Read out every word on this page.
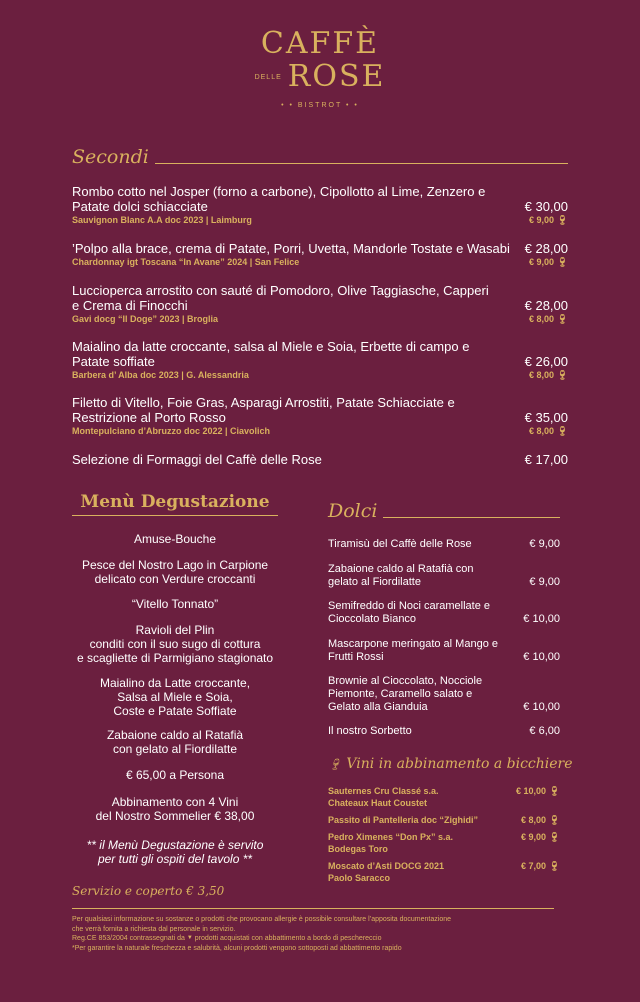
CAFFÈ
DELLE ROSE
• • BISTROT • •
Secondi
Rombo cotto nel Josper (forno a carbone), Cipollotto al Lime, Zenzero e Patate dolci schiacciate	€ 30,00
Sauvignon Blanc A.A doc 2023 | Laimburg	€ 9,00 🍷︎
’Polpo alla brace, crema di Patate, Porri, Uvetta, Mandorle Tostate e Wasabi € 28,00
Chardonnay igt Toscana “In Avane” 2024 | San Felice	€ 9,00 🍷︎
Luccioperca arrostito con sauté di Pomodoro, Olive Taggiasche, Capperi e Crema di Finocchi	€ 28,00
Gavi docg “Il Doge” 2023 | Broglia	€ 8,00 🍷︎
Maialino da latte croccante, salsa al Miele e Soia, Erbette di campo e Patate soffiate	€ 26,00
Barbera d’ Alba doc 2023 | G. Alessandria	€ 8,00 🍷︎
Filetto di Vitello, Foie Gras, Asparagi Arrostiti, Patate Schiacciate e Restrizione al Porto Rosso	€ 35,00
Montepulciano d’Abruzzo doc 2022 | Ciavolich	€ 8,00 🍷︎
Selezione di Formaggi del Caffè delle Rose	€ 17,00
Menù Degustazione
Amuse-Bouche
Pesce del Nostro Lago in Carpione
delicato con Verdure croccanti
“Vitello Tonnato”
Ravioli del Plin
conditi con il suo sugo di cottura
e scagliette di Parmigiano stagionato
Maialino da Latte croccante,
Salsa al Miele e Soia,
Coste e Patate Soffiate
Zabaione caldo al Ratafià
con gelato al Fiordilatte
€ 65,00 a Persona
Abbinamento con 4 Vini
del Nostro Sommelier € 38,00
** il Menù Degustazione è servito
per tutti gli ospiti del tavolo **
Dolci
Tiramisù del Caffè delle Rose	€ 9,00
Zabaione caldo al Ratafià con gelato al Fiordilatte	€ 9,00
Semifreddo di Noci caramellate e Cioccolato Bianco	€ 10,00
Mascarpone meringato al Mango e Frutti Rossi	€ 10,00
Brownie al Cioccolato, Nocciole Piemonte, Caramello salato e Gelato alla Gianduia	€ 10,00
Il nostro Sorbetto	€ 6,00
🍷︎ Vini in abbinamento a bicchiere
Sauternes Cru Classé s.a.
Chateaux Haut Coustet
€ 10,00 🍷︎
Passito di Pantelleria doc “Zighidi”	€ 8,00 🍷︎
Pedro Ximenes “Don Px” s.a.
Bodegas Toro
€ 9,00 🍷︎
Moscato d’Asti DOCG 2021
Paolo Saracco
€ 7,00 🍷︎
Servizio e coperto € 3,50
Per qualsiasi informazione su sostanze o prodotti che provocano allergie è possibile consultare l’apposita documentazione
che verrà fornita a richiesta dal personale in servizio.
Reg.CE 853/2004 contrassegnati da ▼ prodotti acquistati con abbattimento a bordo di peschereccio
*Per garantire la naturale freschezza e salubrità, alcuni prodotti vengono sottoposti ad abbattimento rapido
